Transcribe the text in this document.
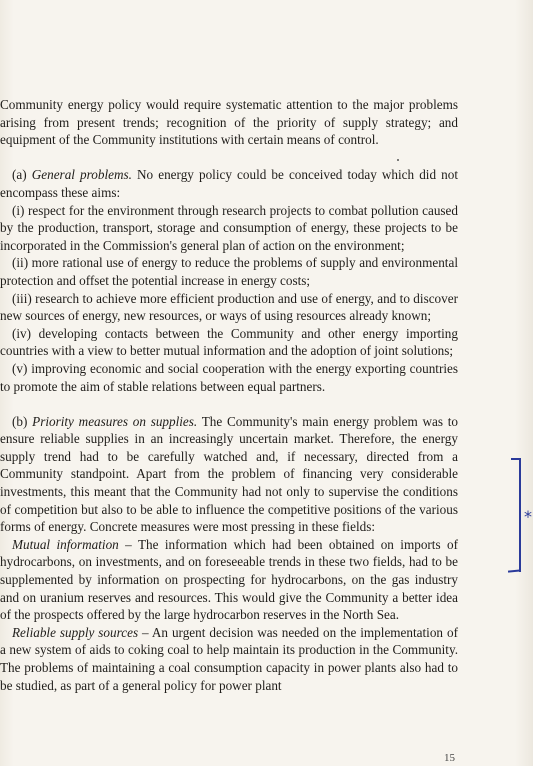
Community energy policy would require systematic attention to the major problems arising from present trends; recognition of the priority of supply strategy; and equipment of the Community institutions with certain means of control.

(a) General problems. No energy policy could be conceived today which did not encompass these aims:

(i) respect for the environment through research projects to combat pollution caused by the production, transport, storage and consumption of energy, these projects to be incorporated in the Commission's general plan of action on the environment;

(ii) more rational use of energy to reduce the problems of supply and environmental protection and offset the potential increase in energy costs;

(iii) research to achieve more efficient production and use of energy, and to discover new sources of energy, new resources, or ways of using resources already known;

(iv) developing contacts between the Community and other energy importing countries with a view to better mutual information and the adoption of joint solutions;

(v) improving economic and social cooperation with the energy exporting countries to promote the aim of stable relations between equal partners.

(b) Priority measures on supplies. The Community's main energy problem was to ensure reliable supplies in an increasingly uncertain market. Therefore, the energy supply trend had to be carefully watched and, if necessary, directed from a Community standpoint. Apart from the problem of financing very considerable investments, this meant that the Community had not only to supervise the conditions of competition but also to be able to influence the competitive positions of the various forms of energy. Concrete measures were most pressing in these fields:

Mutual information – The information which had been obtained on imports of hydrocarbons, on investments, and on foreseeable trends in these two fields, had to be supplemented by information on prospecting for hydrocarbons, on the gas industry and on uranium reserves and resources. This would give the Community a better idea of the prospects offered by the large hydrocarbon reserves in the North Sea.

Reliable supply sources – An urgent decision was needed on the implementation of a new system of aids to coking coal to help maintain its production in the Community. The problems of maintaining a coal consumption capacity in power plants also had to be studied, as part of a general policy for power plant

*
15
